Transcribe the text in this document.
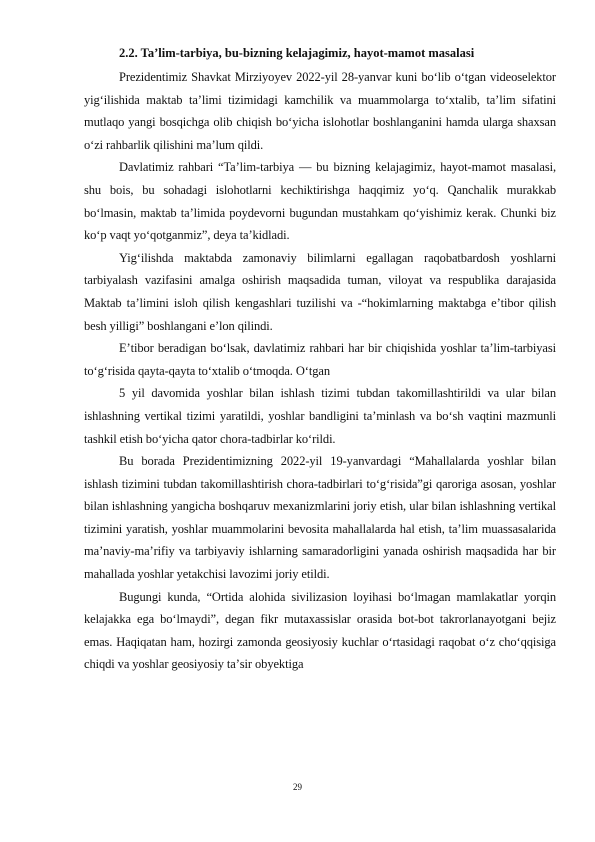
2.2. Taʼlim-tarbiya, bu-bizning kelajagimiz, hayot-mamot masalasi

Prezidentimiz Shavkat Mirziyoyev 2022-yil 28-yanvar kuni boʻlib oʻtgan videoselektor yigʻilishida maktab taʼlimi tizimidagi kamchilik va muammolarga toʻxtalib, taʼlim sifatini mutlaqo yangi bosqichga olib chiqish boʻyicha islohotlar boshlanganini hamda ularga shaxsan oʻzi rahbarlik qilishini maʼlum qildi.

Davlatimiz rahbari “Taʼlim-tarbiya — bu bizning kelajagimiz, hayot-mamot masalasi, shu bois, bu sohadagi islohotlarni kechiktirishga haqqimiz yoʻq. Qanchalik murakkab boʻlmasin, maktab taʼlimida poydevorni bugundan mustahkam qoʻyishimiz kerak. Chunki biz koʻp vaqt yoʻqotganmiz”, deya taʼkidladi.

Yigʻilishda maktabda zamonaviy bilimlarni egallagan raqobatbardosh yoshlarni tarbiyalash vazifasini amalga oshirish maqsadida tuman, viloyat va respublika darajasida Maktab taʼlimini isloh qilish kengashlari tuzilishi va -“hokimlarning maktabga eʼtibor qilish besh yilligi” boshlangani eʼlon qilindi.

Eʼtibor beradigan boʻlsak, davlatimiz rahbari har bir chiqishida yoshlar taʼlim-tarbiyasi toʻgʻrisida qayta-qayta toʻxtalib oʻtmoqda. Oʻtgan

5 yil davomida yoshlar bilan ishlash tizimi tubdan takomillashtirildi va ular bilan ishlashning vertikal tizimi yaratildi, yoshlar bandligini taʼminlash va boʻsh vaqtini mazmunli tashkil etish boʻyicha qator chora-tadbirlar koʻrildi.

Bu borada Prezidentimizning 2022-yil 19-yanvardagi “Mahallalarda yoshlar bilan ishlash tizimini tubdan takomillashtirish chora-tadbirlari toʻgʻrisida”gi qaroriga asosan, yoshlar bilan ishlashning yangicha boshqaruv mexanizmlarini joriy etish, ular bilan ishlashning vertikal tizimini yaratish, yoshlar muammolarini bevosita mahallalarda hal etish, taʼlim muassasalarida maʼnaviy-maʼrifiy va tarbiyaviy ishlarning samaradorligini yanada oshirish maqsadida har bir mahallada yoshlar yetakchisi lavozimi joriy etildi.

Bugungi kunda, “Ortida alohida sivilizasion loyihasi boʻlmagan mamlakatlar yorqin kelajakka ega boʻlmaydi”, degan fikr mutaxassislar orasida bot-bot takrorlanayotgani bejiz emas. Haqiqatan ham, hozirgi zamonda geosiyosiy kuchlar oʻrtasidagi raqobat oʻz choʻqqisiga chiqdi va yoshlar geosiyosiy taʼsir obyektiga

29
